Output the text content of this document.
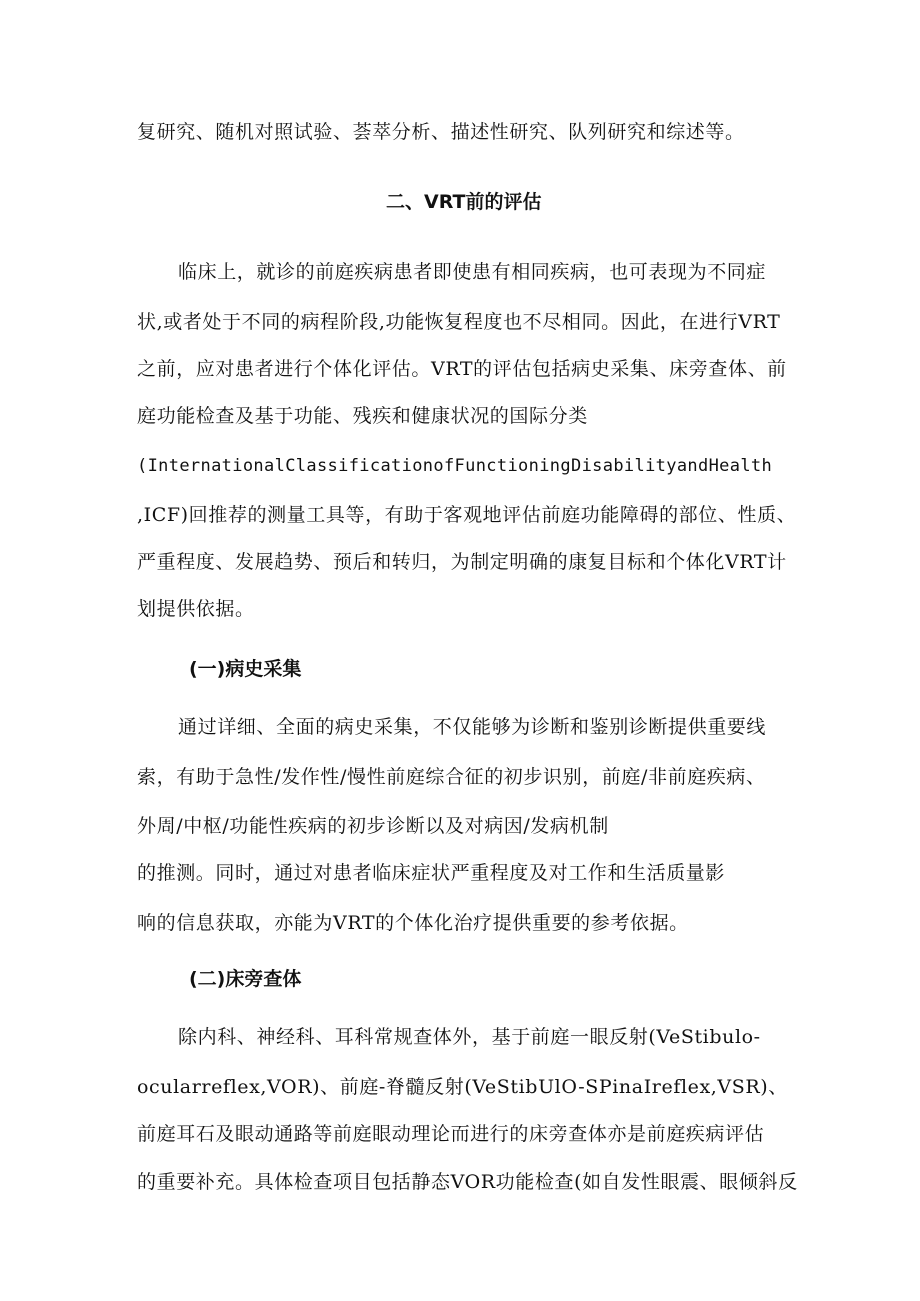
复研究、随机对照试验、荟萃分析、描述性研究、队列研究和综述等。
二、VRT前的评估
临床上，就诊的前庭疾病患者即使患有相同疾病，也可表现为不同症
状,或者处于不同的病程阶段,功能恢复程度也不尽相同。因此，在进行VRT
之前，应对患者进行个体化评估。VRT的评估包括病史采集、床旁查体、前
庭功能检查及基于功能、残疾和健康状况的国际分类
(InternationalClassificationofFunctioningDisabilityandHealth
,ICF)回推荐的测量工具等，有助于客观地评估前庭功能障碍的部位、性质、
严重程度、发展趋势、预后和转归，为制定明确的康复目标和个体化VRT计
划提供依据。
(一)病史采集
通过详细、全面的病史采集，不仅能够为诊断和鉴别诊断提供重要线
索，有助于急性/发作性/慢性前庭综合征的初步识别，前庭/非前庭疾病、
外周/中枢/功能性疾病的初步诊断以及对病因/发病机制
的推测。同时，通过对患者临床症状严重程度及对工作和生活质量影
响的信息获取，亦能为VRT的个体化治疗提供重要的参考依据。
(二)床旁查体
除内科、神经科、耳科常规查体外，基于前庭一眼反射(VeStibulo-
ocularreflex,VOR)、前庭-脊髓反射(VeStibUlO-SPinaIreflex,VSR)、
前庭耳石及眼动通路等前庭眼动理论而进行的床旁查体亦是前庭疾病评估
的重要补充。具体检查项目包括静态VOR功能检查(如自发性眼震、眼倾斜反
